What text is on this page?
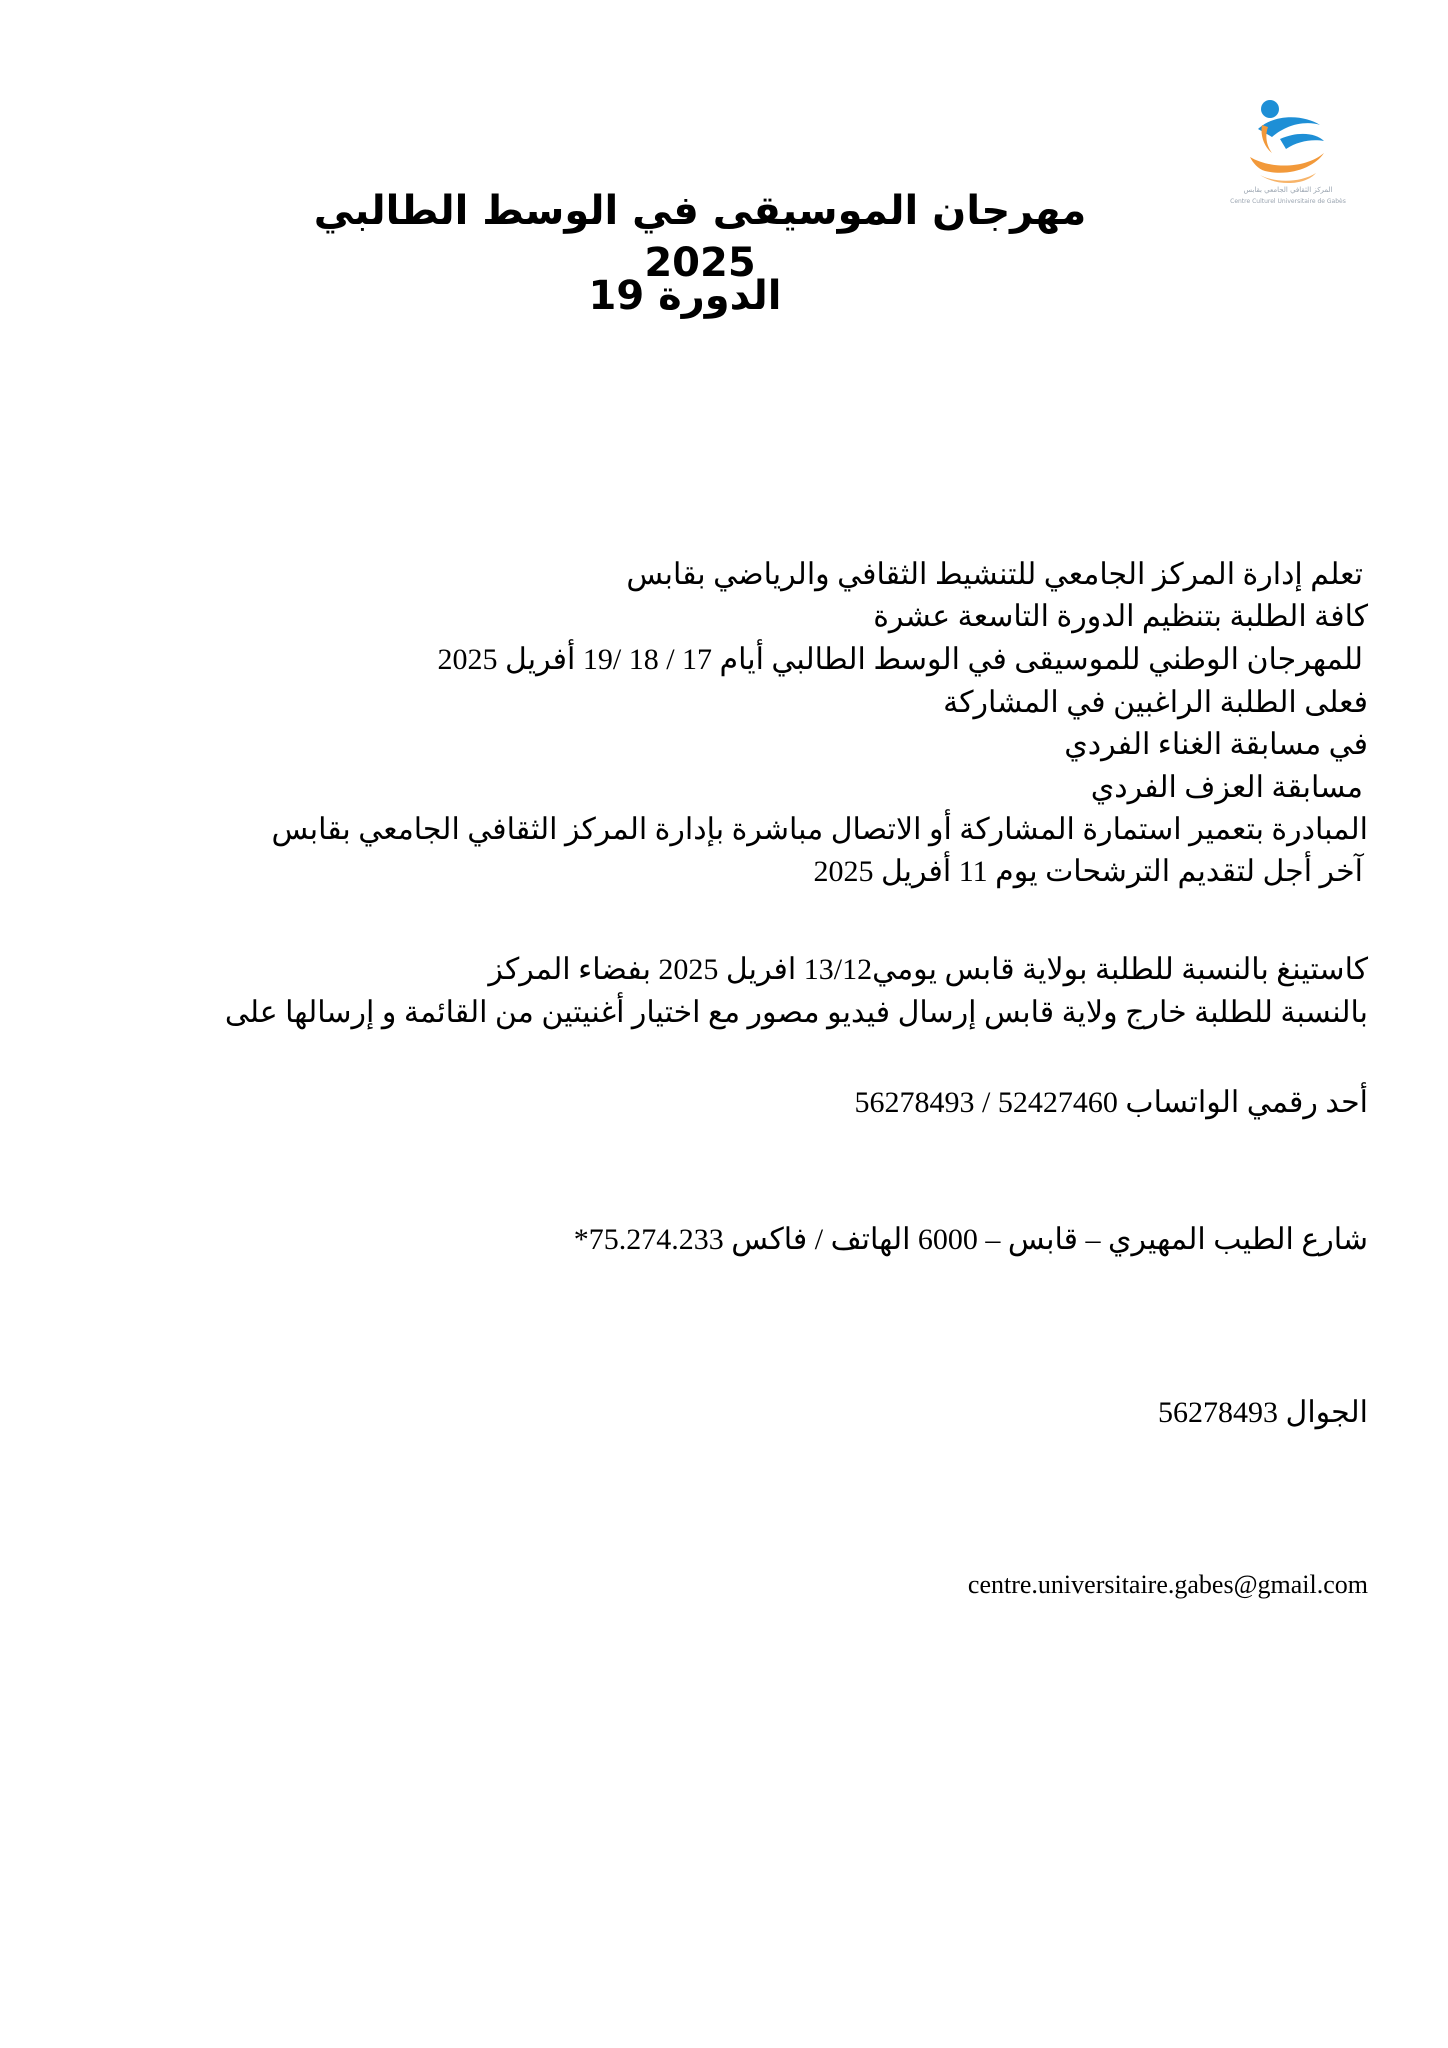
المركز الثقافي الجامعي بقابس
Centre Culturel Universitaire de Gabès
مهرجان الموسيقى في الوسط الطالبي 2025
الدورة 19

تعلم إدارة المركز الجامعي للتنشيط الثقافي والرياضي بقابس

كافة الطلبة بتنظيم الدورة التاسعة عشرة

للمهرجان الوطني للموسيقى في الوسط الطالبي أيام 17 / 18 /19 أفريل 2025

فعلى الطلبة الراغبين في المشاركة

في مسابقة الغناء الفردي

مسابقة العزف الفردي

المبادرة بتعمير استمارة المشاركة أو الاتصال مباشرة بإدارة المركز الثقافي الجامعي بقابس

آخر أجل لتقديم الترشحات يوم 11 أفريل 2025

كاستينغ بالنسبة للطلبة بولاية قابس يومي13/12 افريل 2025 بفضاء المركز

بالنسبة للطلبة خارج ولاية قابس إرسال فيديو مصور مع اختيار أغنيتين من القائمة و إرسالها على

أحد رقمي الواتساب 52427460 / 56278493

شارع الطيب المهيري – قابس – 6000 الهاتف / فاكس 75.274.233*

الجوال 56278493

centre.universitaire.gabes@gmail.com
